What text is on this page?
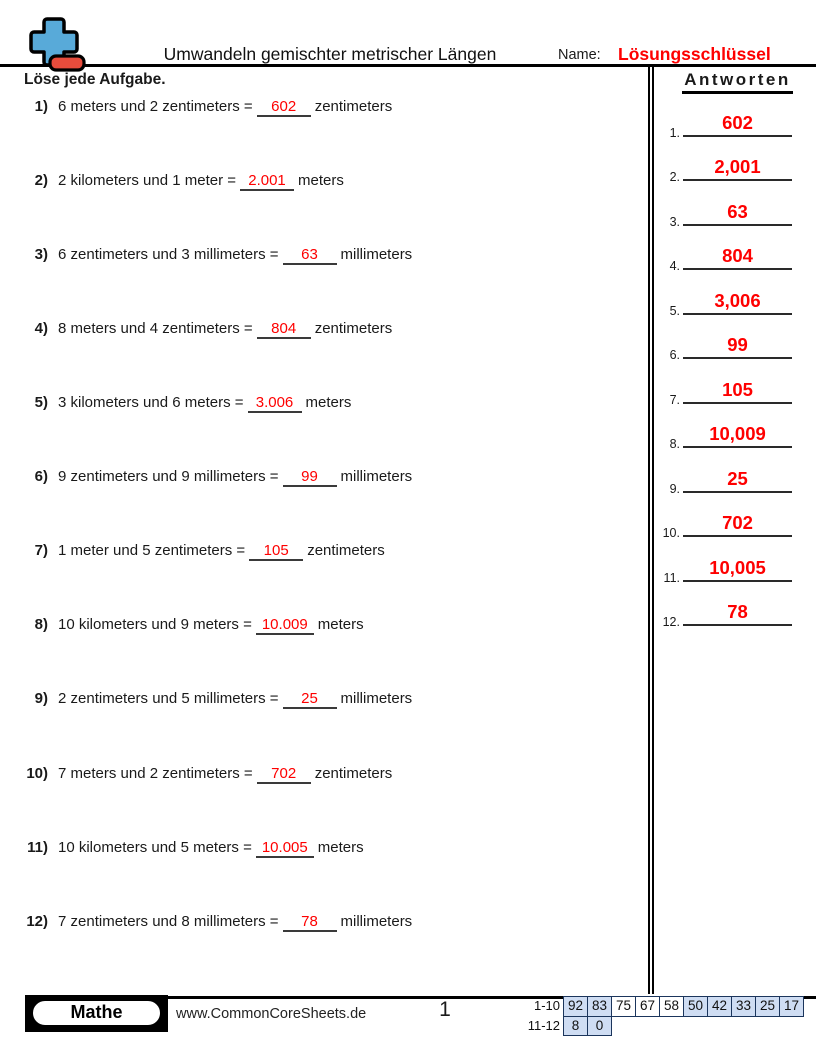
Umwandeln gemischter metrischer Längen	Name: Lösungsschlüssel
Löse jede Aufgabe.
1) 6 meters und 2 zentimeters = 602 zentimeters
2) 2 kilometers und 1 meter = 2.001 meters
3) 6 zentimeters und 3 millimeters = 63 millimeters
4) 8 meters und 4 zentimeters = 804 zentimeters
5) 3 kilometers und 6 meters = 3.006 meters
6) 9 zentimeters und 9 millimeters = 99 millimeters
7) 1 meter und 5 zentimeters = 105 zentimeters
8) 10 kilometers und 9 meters = 10.009 meters
9) 2 zentimeters und 5 millimeters = 25 millimeters
10) 7 meters und 2 zentimeters = 702 zentimeters
11) 10 kilometers und 5 meters = 10.005 meters
12) 7 zentimeters und 8 millimeters = 78 millimeters
Antworten
1.	602
2.	2,001
3.	63
4.	804
5.	3,006
6.	99
7.	105
8.	10,009
9.	25
10.	702
11.	10,005
12.	78
Mathe	www.CommonCoreSheets.de	1	1-10 92 83 75 67 58 50 42 33 25 17
11-12 8	0
